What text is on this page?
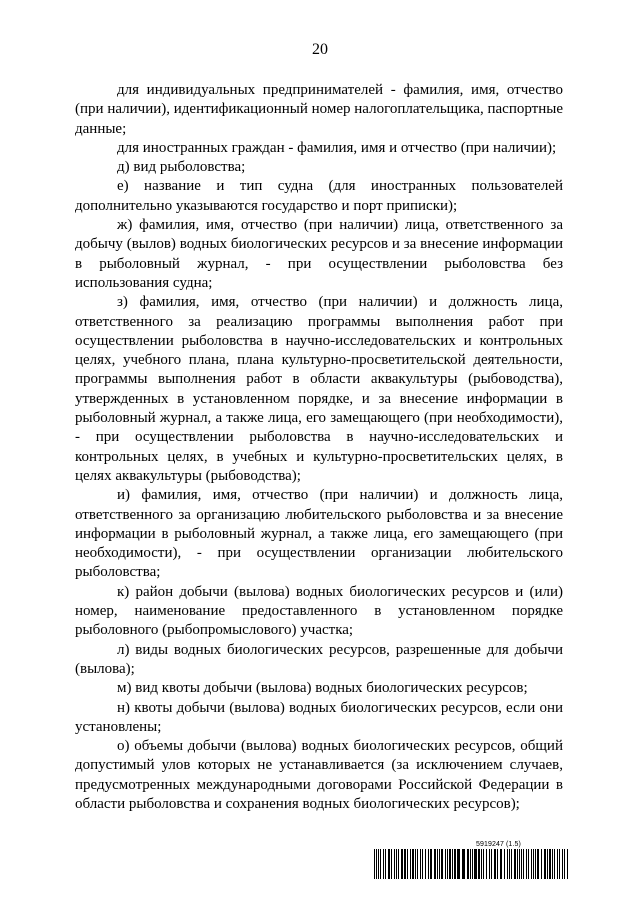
20

для индивидуальных предпринимателей - фамилия, имя, отчество (при наличии), идентификационный номер налогоплательщика, паспортные данные;

для иностранных граждан - фамилия, имя и отчество (при наличии);

д) вид рыболовства;

е) название и тип судна (для иностранных пользователей дополнительно указываются государство и порт приписки);

ж) фамилия, имя, отчество (при наличии) лица, ответственного за добычу (вылов) водных биологических ресурсов и за внесение информации в рыболовный журнал, - при осуществлении рыболовства без использования судна;

з) фамилия, имя, отчество (при наличии) и должность лица, ответственного за реализацию программы выполнения работ при осуществлении рыболовства в научно-исследовательских и контрольных целях, учебного плана, плана культурно-просветительской деятельности, программы выполнения работ в области аквакультуры (рыбоводства), утвержденных в установленном порядке, и за внесение информации в рыболовный журнал, а также лица, его замещающего (при необходимости), - при осуществлении рыболовства в научно-исследовательских и контрольных целях, в учебных и культурно-просветительских целях, в целях аквакультуры (рыбоводства);

и) фамилия, имя, отчество (при наличии) и должность лица, ответственного за организацию любительского рыболовства и за внесение информации в рыболовный журнал, а также лица, его замещающего (при необходимости), - при осуществлении организации любительского рыболовства;

к) район добычи (вылова) водных биологических ресурсов и (или) номер, наименование предоставленного в установленном порядке рыболовного (рыбопромыслового) участка;

л) виды водных биологических ресурсов, разрешенные для добычи (вылова);

м) вид квоты добычи (вылова) водных биологических ресурсов;

н) квоты добычи (вылова) водных биологических ресурсов, если они установлены;

о) объемы добычи (вылова) водных биологических ресурсов, общий допустимый улов которых не устанавливается (за исключением случаев, предусмотренных международными договорами Российской Федерации в области рыболовства и сохранения водных биологических ресурсов);

5919247 (1.5)
